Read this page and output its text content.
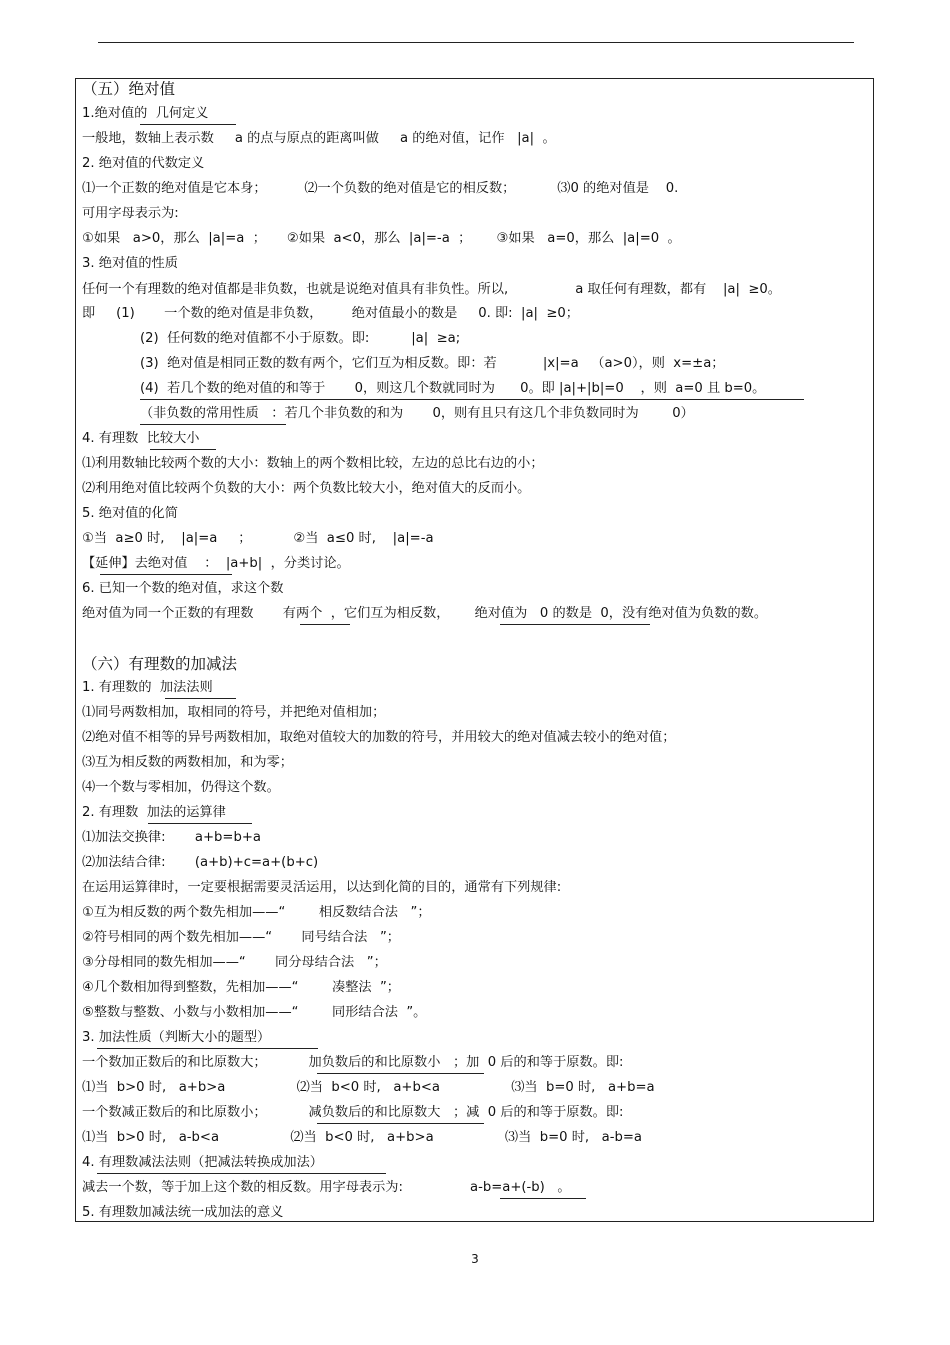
（五）绝对值
1.绝对值的  几何定义
一般地，数轴上表示数     a 的点与原点的距离叫做     a 的绝对值，记作   |a|  。
2. 绝对值的代数定义
⑴一个正数的绝对值是它本身；         ⑵一个负数的绝对值是它的相反数；          ⑶0 的绝对值是    0.
可用字母表示为:
①如果   a>0，那么  |a|=a  ；     ②如果  a<0，那么  |a|=-a  ；      ③如果   a=0，那么  |a|=0  。
3. 绝对值的性质
任何一个有理数的绝对值都是非负数，也就是说绝对值具有非负性。所以,                a 取任何有理数，都有    |a|  ≥0。
即     (1)       一个数的绝对值是非负数，       绝对值最小的数是     0. 即:  |a|  ≥0；
(2)  任何数的绝对值都不小于原数。即:          |a|  ≥a;
(3)  绝对值是相同正数的数有两个，它们互为相反数。即：若           |x|=a   （a>0），则  x=±a；
(4)  若几个数的绝对值的和等于       0，则这几个数就同时为      0。即 |a|+|b|=0    ，则  a=0 且 b=0。
（非负数的常用性质   ：若几个非负数的和为       0，则有且只有这几个非负数同时为        0）
4. 有理数  比较大小
⑴利用数轴比较两个数的大小：数轴上的两个数相比较，左边的总比右边的小；
⑵利用绝对值比较两个负数的大小：两个负数比较大小，绝对值大的反而小。
5. 绝对值的化简
①当  a≥0 时,    |a|=a     ；          ②当  a≤0 时,    |a|=-a
【延伸】去绝对值    ：  |a+b|  ，分类讨论。
6. 已知一个数的绝对值，求这个数
绝对值为同一个正数的有理数       有两个  ，它们互为相反数，      绝对值为   0 的数是  0，没有绝对值为负数的数。
（六）有理数的加减法
1. 有理数的  加法法则
⑴同号两数相加，取相同的符号，并把绝对值相加；
⑵绝对值不相等的异号两数相加，取绝对值较大的加数的符号，并用较大的绝对值减去较小的绝对值；
⑶互为相反数的两数相加，和为零；
⑷一个数与零相加，仍得这个数。
2. 有理数  加法的运算律
⑴加法交换律:       a+b=b+a
⑵加法结合律:       (a+b)+c=a+(b+c)
在运用运算律时，一定要根据需要灵活运用，以达到化简的目的，通常有下列规律:
①互为相反数的两个数先相加——“        相反数结合法   ”；
②符号相同的两个数先相加——“       同号结合法   ”；
③分母相同的数先相加——“       同分母结合法   ”；
④几个数相加得到整数，先相加——“        凑整法  ”；
⑤整数与整数、小数与小数相加——“        同形结合法  ”。
3. 加法性质（判断大小的题型）
一个数加正数后的和比原数大；          加负数后的和比原数小   ；加  0 后的和等于原数。即:
⑴当  b>0 时,   a+b>a                 ⑵当  b<0 时,   a+b<a                 ⑶当  b=0 时,   a+b=a
一个数减正数后的和比原数小；          减负数后的和比原数大   ；减  0 后的和等于原数。即:
⑴当  b>0 时,   a-b<a                 ⑵当  b<0 时,   a+b>a                 ⑶当  b=0 时,   a-b=a
4. 有理数减法法则（把减法转换成加法）
减去一个数，等于加上这个数的相反数。用字母表示为:                a-b=a+(-b)   。
5. 有理数加减法统一成加法的意义
3
